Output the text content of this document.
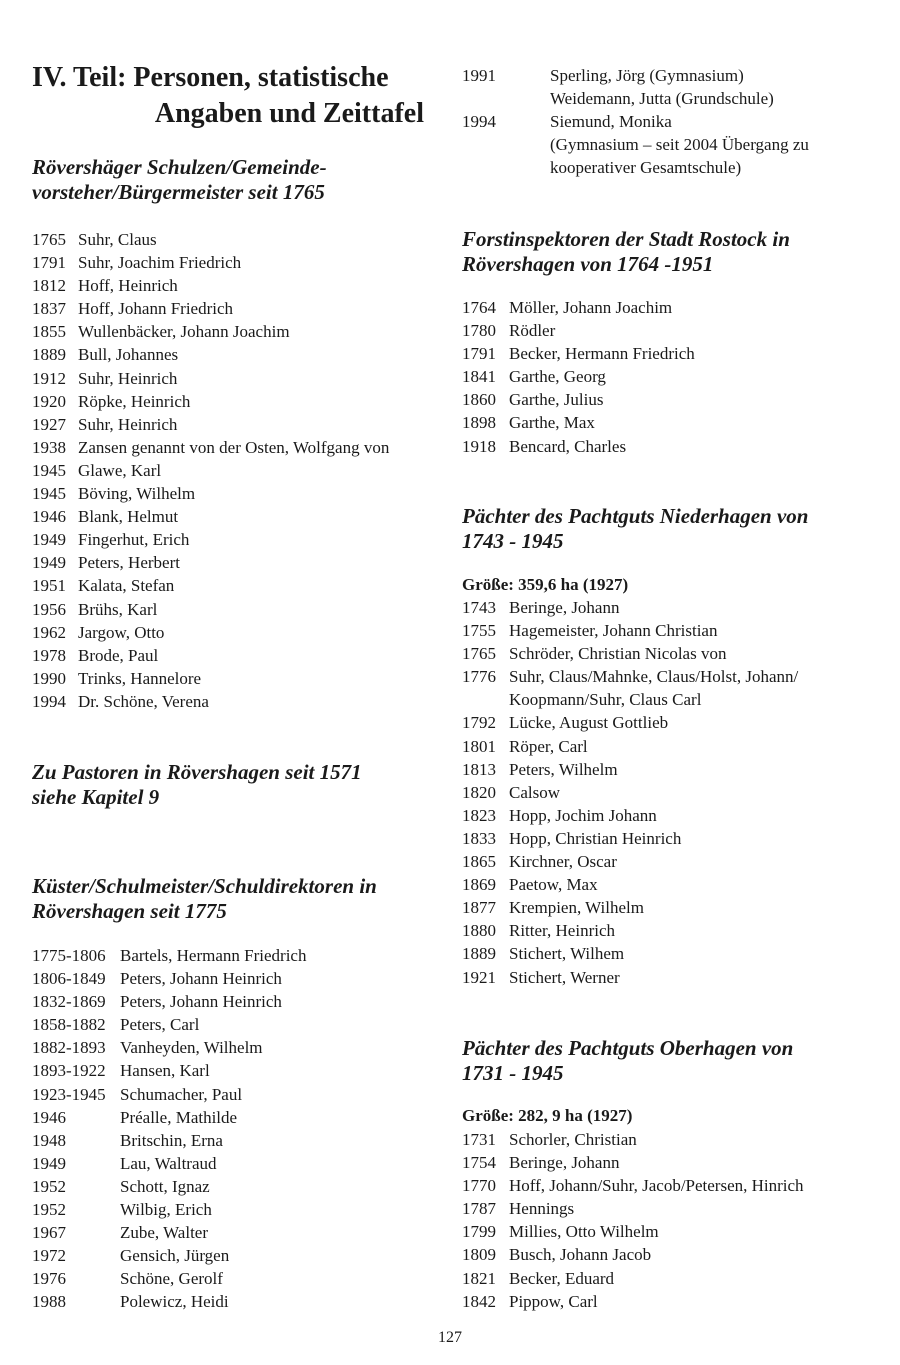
IV. Teil: Personen, statistische
Angaben und Zeittafel
Rövershäger Schulzen/Gemeinde-
vorsteher/Bürgermeister seit 1765
1765 Suhr, Claus
1791 Suhr, Joachim Friedrich
1812 Hoff, Heinrich
1837 Hoff, Johann Friedrich
1855 Wullenbäcker, Johann Joachim
1889 Bull, Johannes
1912 Suhr, Heinrich
1920 Röpke, Heinrich
1927 Suhr, Heinrich
1938 Zansen genannt von der Osten, Wolfgang von
1945 Glawe, Karl
1945 Böving, Wilhelm
1946 Blank, Helmut
1949 Fingerhut, Erich
1949 Peters, Herbert
1951 Kalata, Stefan
1956 Brühs, Karl
1962 Jargow, Otto
1978 Brode, Paul
1990 Trinks, Hannelore
1994 Dr. Schöne, Verena
Zu Pastoren in Rövershagen seit 1571
siehe Kapitel 9
Küster/Schulmeister/Schuldirektoren in
Rövershagen seit 1775
1775-1806 Bartels, Hermann Friedrich
1806-1849 Peters, Johann Heinrich
1832-1869 Peters, Johann Heinrich
1858-1882 Peters, Carl
1882-1893 Vanheyden, Wilhelm
1893-1922 Hansen, Karl
1923-1945 Schumacher, Paul
1946	Préalle, Mathilde
1948	Britschin, Erna
1949	Lau, Waltraud
1952	Schott, Ignaz
1952	Wilbig, Erich
1967	Zube, Walter
1972	Gensich, Jürgen
1976	Schöne, Gerolf
1988	Polewicz, Heidi
1991	Sperling, Jörg (Gymnasium)
Weidemann, Jutta (Grundschule)
1994	Siemund, Monika
(Gymnasium – seit 2004 Übergang zu
kooperativer Gesamtschule)
Forstinspektoren der Stadt Rostock in
Rövershagen von 1764 -1951
1764 Möller, Johann Joachim
1780 Rödler
1791 Becker, Hermann Friedrich
1841 Garthe, Georg
1860 Garthe, Julius
1898 Garthe, Max
1918 Bencard, Charles
Pächter des Pachtguts Niederhagen von
1743 - 1945

Größe: 359,6 ha (1927)

1743 Beringe, Johann
1755 Hagemeister, Johann Christian
1765 Schröder, Christian Nicolas von
1776 Suhr, Claus/Mahnke, Claus/Holst, Johann/
Koopmann/Suhr, Claus Carl
1792 Lücke, August Gottlieb
1801 Röper, Carl
1813 Peters, Wilhelm
1820 Calsow
1823 Hopp, Jochim Johann
1833 Hopp, Christian Heinrich
1865 Kirchner, Oscar
1869 Paetow, Max
1877 Krempien, Wilhelm
1880 Ritter, Heinrich
1889 Stichert, Wilhem
1921 Stichert, Werner
Pächter des Pachtguts Oberhagen von
1731 - 1945

Größe: 282, 9 ha (1927)

1731 Schorler, Christian
1754 Beringe, Johann
1770 Hoff, Johann/Suhr, Jacob/Petersen, Hinrich
1787 Hennings
1799 Millies, Otto Wilhelm
1809 Busch, Johann Jacob
1821 Becker, Eduard
1842 Pippow, Carl
127
